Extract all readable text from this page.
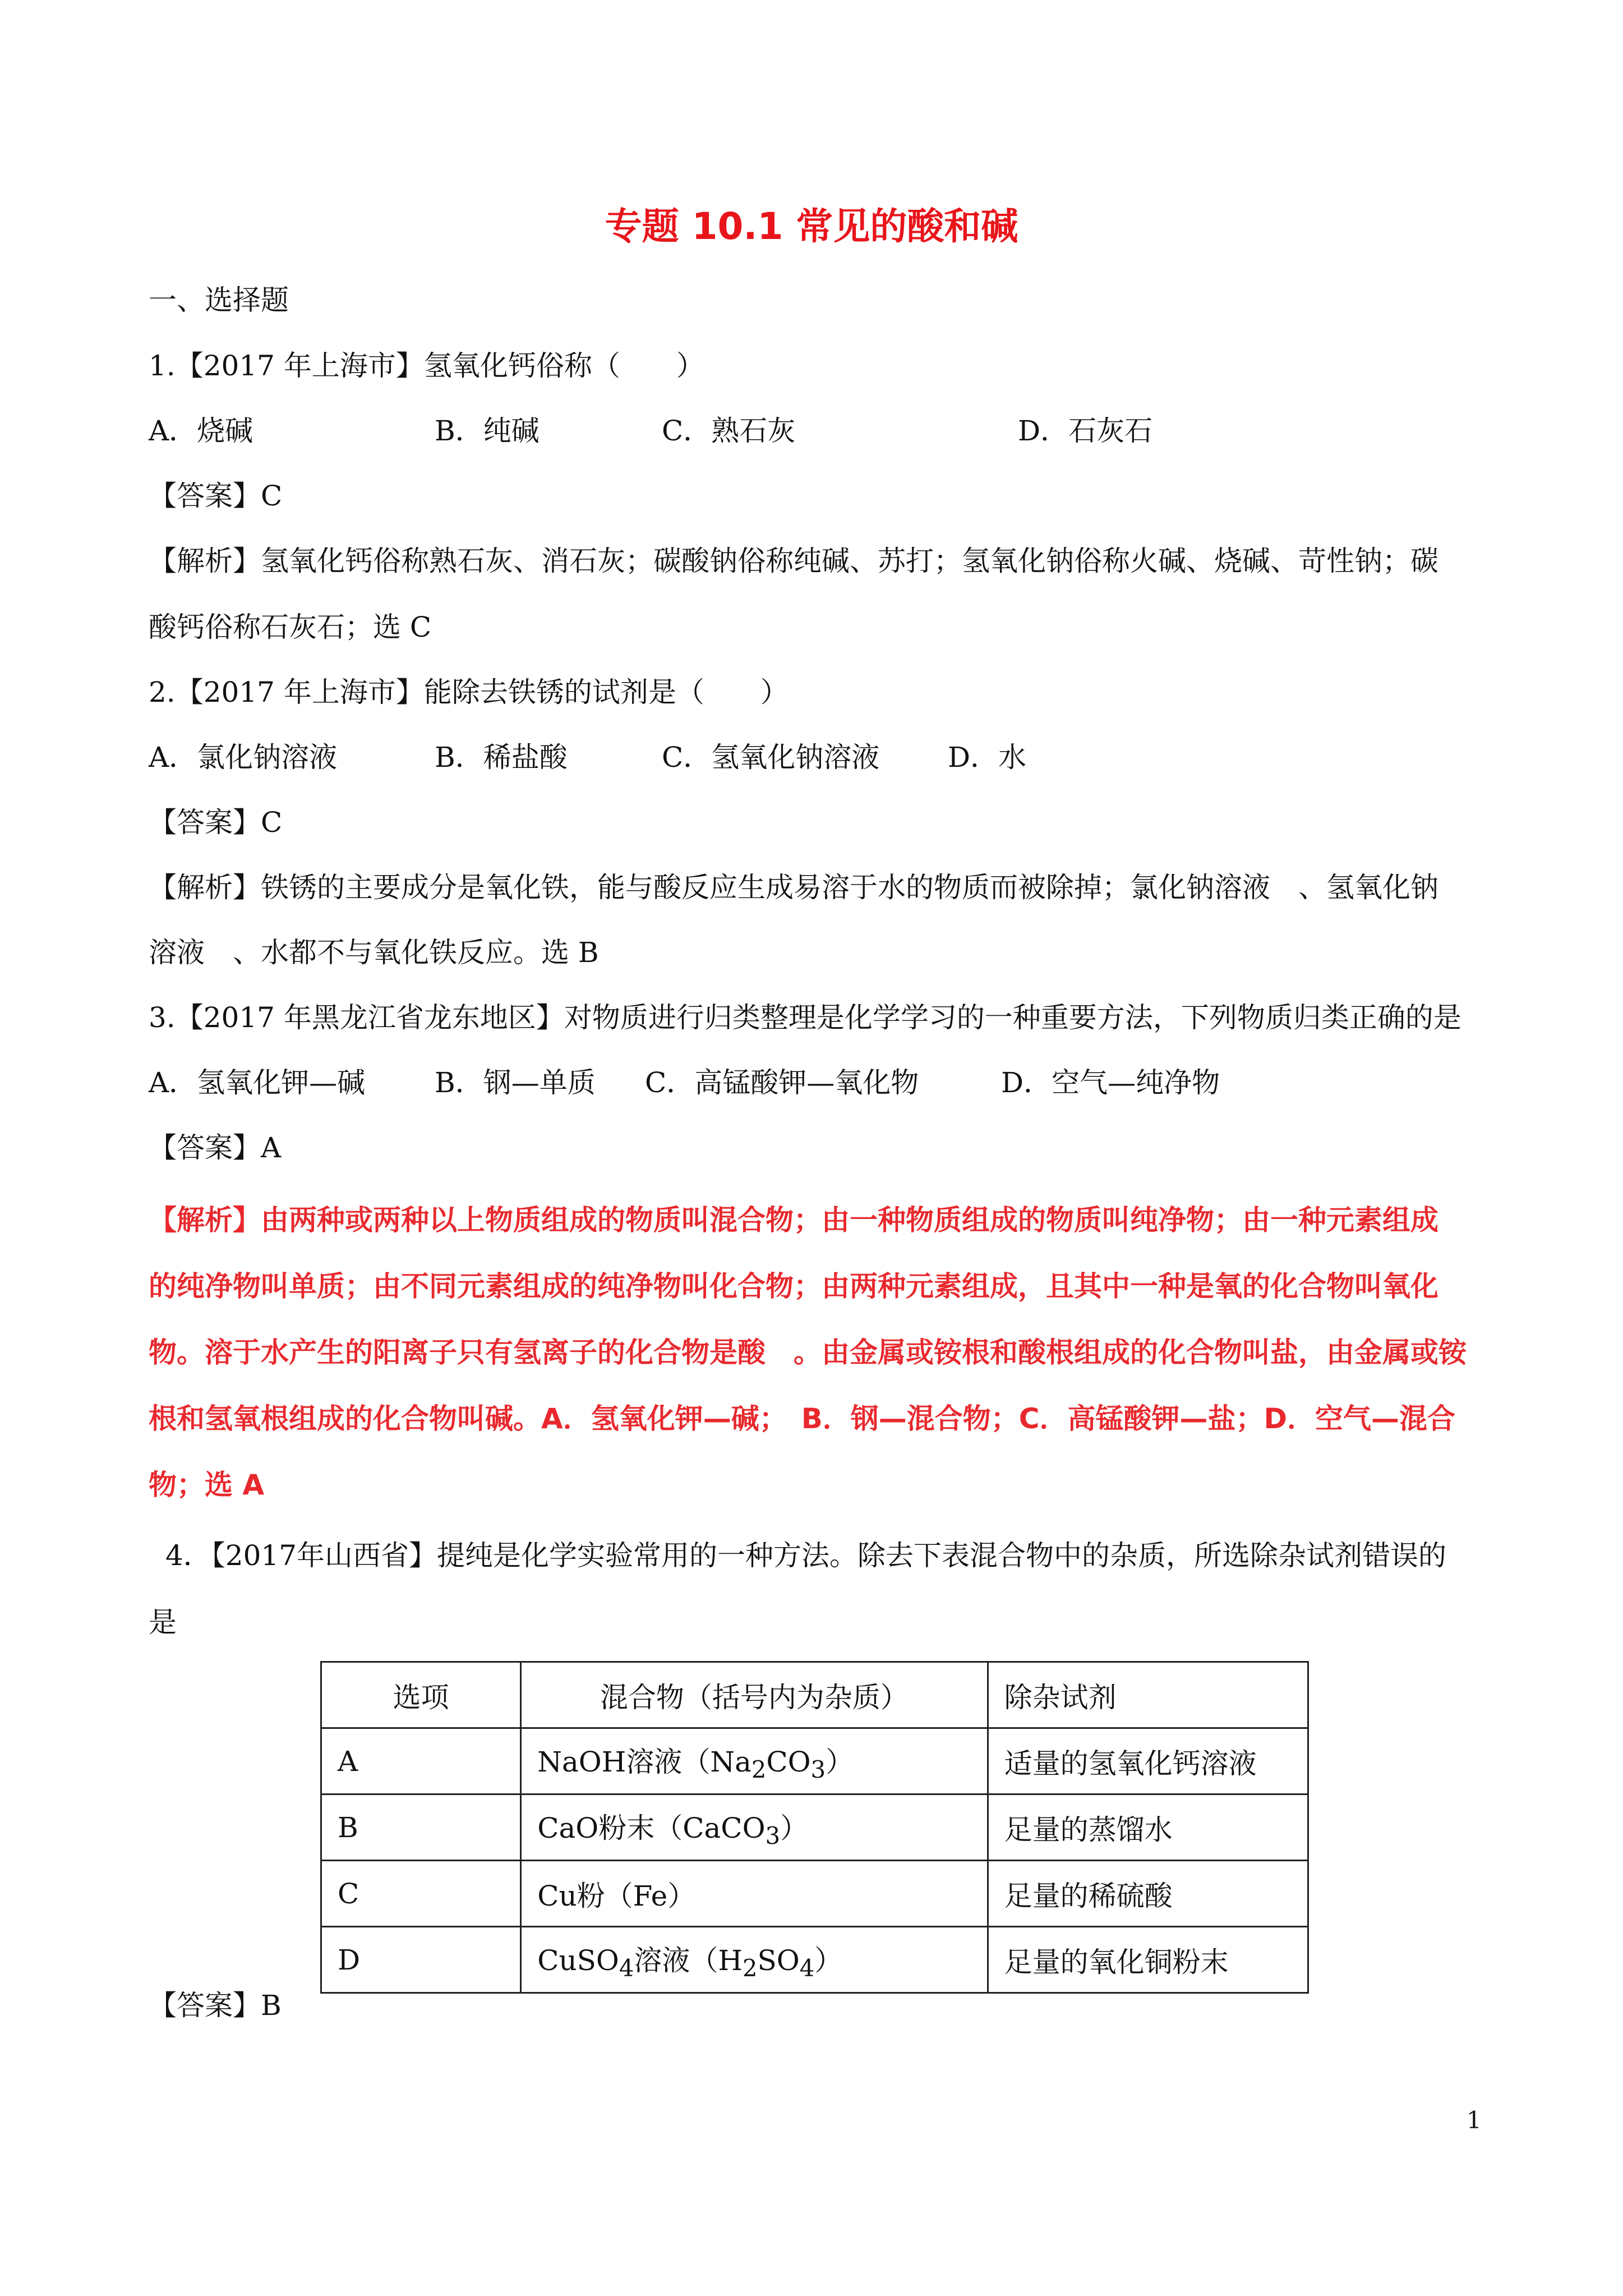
专题 10.1 常见的酸和碱
一、选择题
1.【2017 年上海市】氢氧化钙俗称（　　）
A．烧碱	B．纯碱	C．熟石灰	D．石灰石
【答案】C
【解析】氢氧化钙俗称熟石灰、消石灰；碳酸钠俗称纯碱、苏打；氢氧化钠俗称火碱、烧碱、苛性钠；碳
酸钙俗称石灰石；选 C
2.【2017 年上海市】能除去铁锈的试剂是（　　）
A．氯化钠溶液	B．稀盐酸	C．氢氧化钠溶液 D．水
【答案】C
【解析】铁锈的主要成分是氧化铁，能与酸反应生成易溶于水的物质而被除掉；氯化钠溶液　、氢氧化钠
溶液　、水都不与氧化铁反应。选 B
3.【2017 年黑龙江省龙东地区】对物质进行归类整理是化学学习的一种重要方法，下列物质归类正确的是
A．氢氧化钾—碱 B．钢—单质 C．高锰酸钾—氧化物	D．空气—纯净物
【答案】A
【解析】由两种或两种以上物质组成的物质叫混合物；由一种物质组成的物质叫纯净物；由一种元素组成
的纯净物叫单质；由不同元素组成的纯净物叫化合物；由两种元素组成，且其中一种是氧的化合物叫氧化
物。溶于水产生的阳离子只有氢离子的化合物是酸　。由金属或铵根和酸根组成的化合物叫盐，由金属或铵
根和氢氧根组成的化合物叫碱。A．氢氧化钾—碱；　B．钢—混合物；C．高锰酸钾—盐；D．空气—混合
物；选 A
4．【2017年山西省】提纯是化学实验常用的一种方法。除去下表混合物中的杂质，所选除杂试剂错误的
是
选项	混合物（括号内为杂质）	除杂试剂
A	NaOH溶液$(Na_2CO_3)$	适量的氢氧化钙溶液
B	CaO粉末（CaCO$_3$）	足量的蒸馏水
C	Cu粉（Fe）	足量的稀硫酸
D	CuSO$_4$溶液$(H_2SO_4)$	足量的氧化铜粉末
【答案】B
1
